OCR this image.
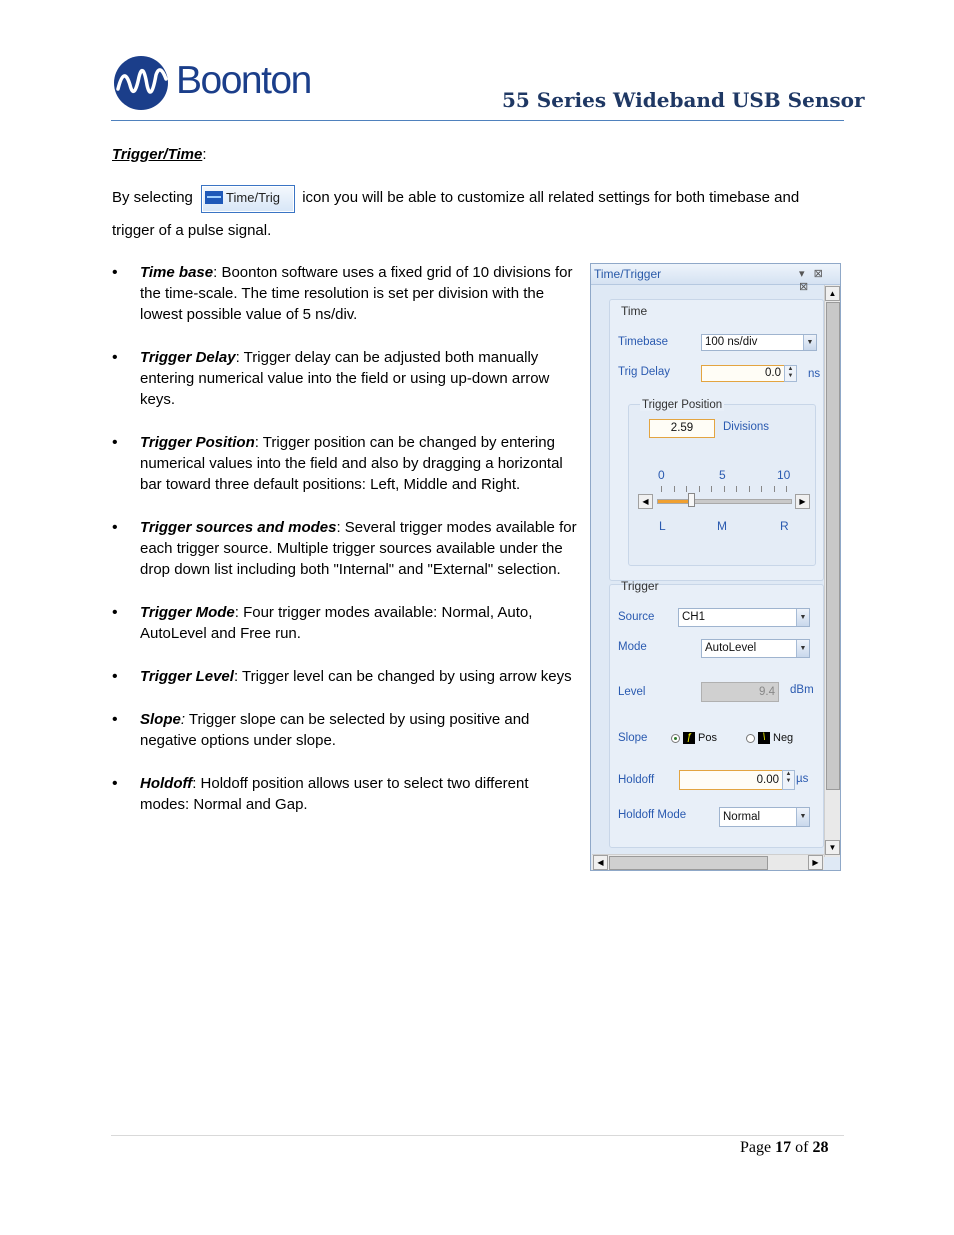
Boonton	55 Series Wideband USB Sensor
Trigger/Time:
By selecting	Time/Trig icon you will be able to customize all related settings for both timebase and trigger of a pulse signal.
• Time base: Boonton software uses a fixed grid of 10 divisions for the time-scale. The time resolution is set per division with the lowest possible value of 5 ns/div.
• Trigger Delay: Trigger delay can be adjusted both manually entering numerical value into the field or using up-down arrow keys.
• Trigger Position: Trigger position can be changed by entering numerical values into the field and also by dragging a horizontal bar toward three default positions: Left, Middle and Right.
• Trigger sources and modes: Several trigger modes available for each trigger source. Multiple trigger sources available under the drop down list including both "Internal" and "External" selection.
• Trigger Mode: Four trigger modes available: Normal, Auto, AutoLevel and Free run.
• Trigger Level: Trigger level can be changed by using arrow keys
• Slope: Trigger slope can be selected by using positive and negative options under slope.
• Holdoff: Holdoff position allows user to select two different modes: Normal and Gap.
Time/Trigger	▾ ⊠ ⊠
▲
▼
◀	▶
Time
Timebase	100 ns/div	▼
Trig Delay	0.0	▲
▼	ns
Trigger Position
2.59	Divisions
0	5	10
◀	▶
L	M	R
Trigger
Source	CH1	▼
Mode	AutoLevel	▼
Level	9.4	dBm
Slope	ƒ Pos	\ Neg
Holdoff	0.00	▲
▼ µs
Holdoff Mode	Normal	▼
Page 17 of 28
